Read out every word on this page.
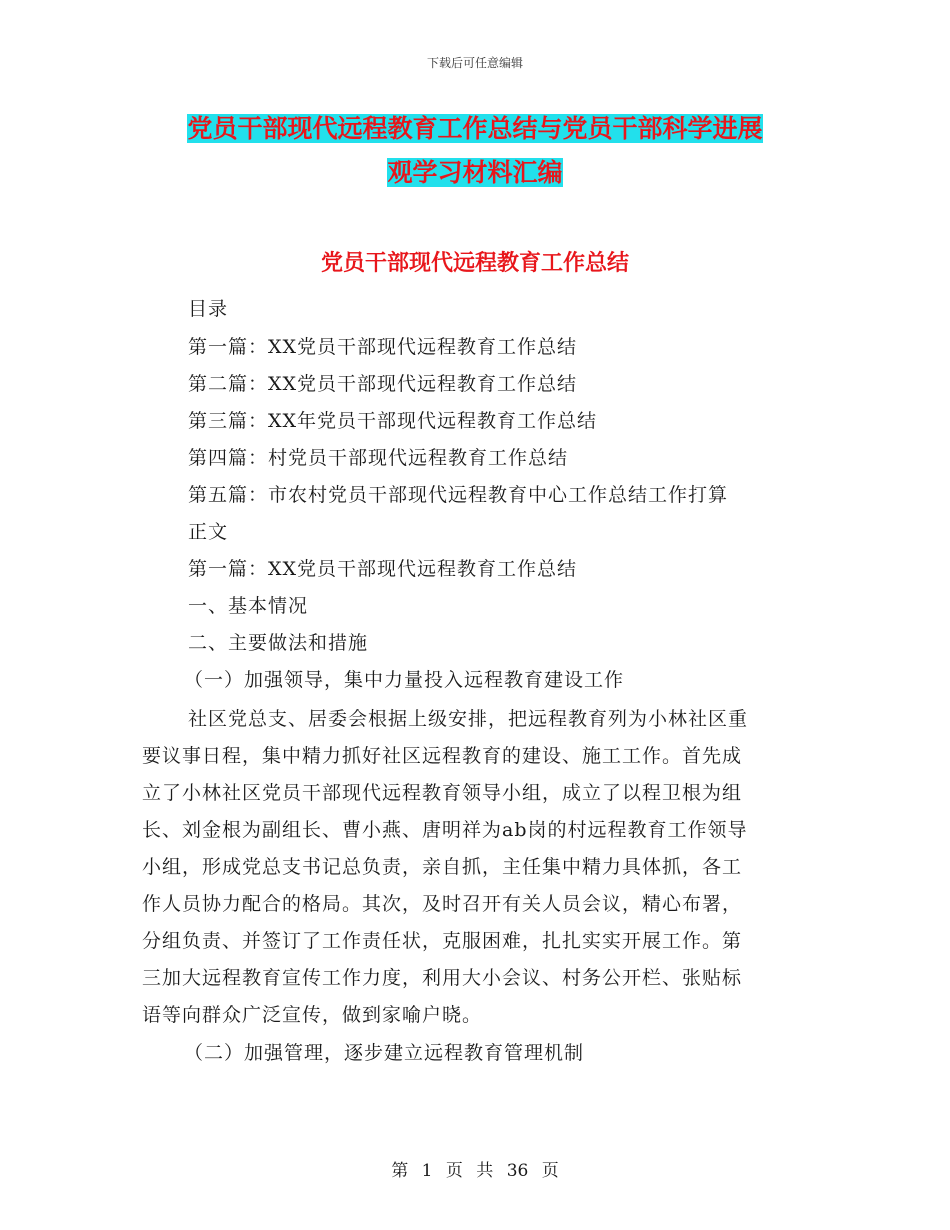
下载后可任意编辑
党员干部现代远程教育工作总结与党员干部科学进展
观学习材料汇编
党员干部现代远程教育工作总结
目录
第一篇：XX党员干部现代远程教育工作总结
第二篇：XX党员干部现代远程教育工作总结
第三篇：XX年党员干部现代远程教育工作总结
第四篇：村党员干部现代远程教育工作总结
第五篇：市农村党员干部现代远程教育中心工作总结工作打算
正文
第一篇：XX党员干部现代远程教育工作总结
一、基本情况
二、主要做法和措施
（一）加强领导，集中力量投入远程教育建设工作
社区党总支、居委会根据上级安排，把远程教育列为小林社区重
要议事日程，集中精力抓好社区远程教育的建设、施工工作。首先成
立了小林社区党员干部现代远程教育领导小组，成立了以程卫根为组
长、刘金根为副组长、曹小燕、唐明祥为ab岗的村远程教育工作领导
小组，形成党总支书记总负责，亲自抓，主任集中精力具体抓，各工
作人员协力配合的格局。其次，及时召开有关人员会议，精心布署，
分组负责、并签订了工作责任状，克服困难，扎扎实实开展工作。第
三加大远程教育宣传工作力度，利用大小会议、村务公开栏、张贴标
语等向群众广泛宣传，做到家喻户晓。
（二）加强管理，逐步建立远程教育管理机制
第 1 页 共 36 页
